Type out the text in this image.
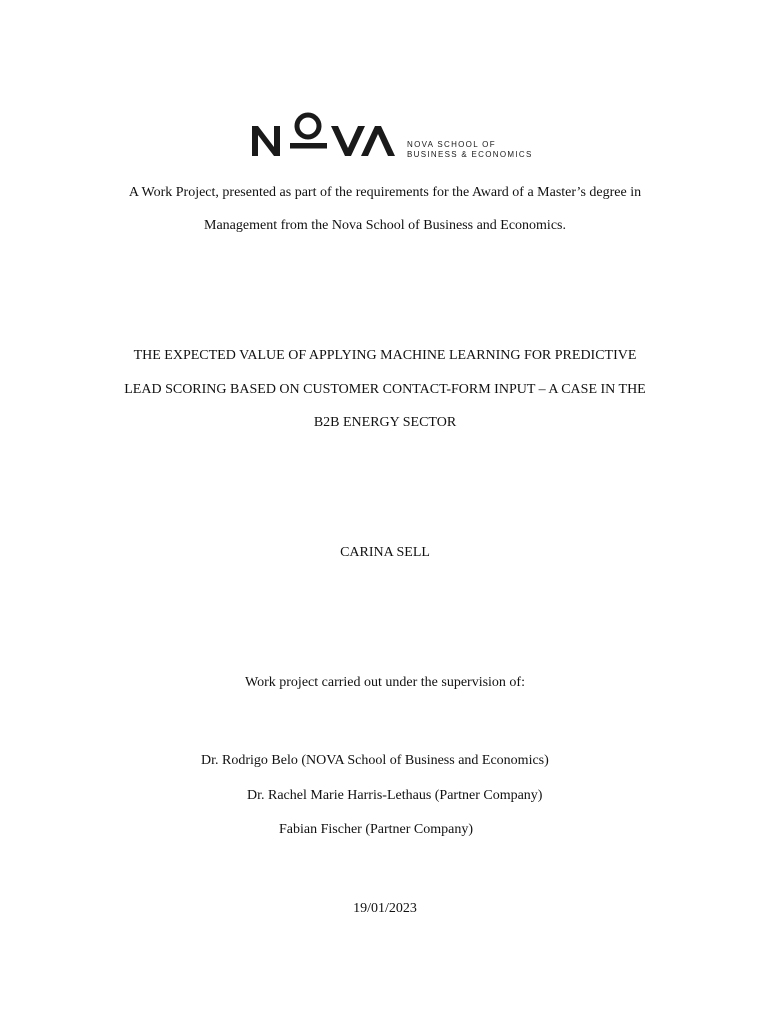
NOVA SCHOOL OF
BUSINESS & ECONOMICS
A Work Project, presented as part of the requirements for the Award of a Master’s degree in
Management from the Nova School of Business and Economics.
THE EXPECTED VALUE OF APPLYING MACHINE LEARNING FOR PREDICTIVE
LEAD SCORING BASED ON CUSTOMER CONTACT-FORM INPUT – A CASE IN THE
B2B ENERGY SECTOR
CARINA SELL
Work project carried out under the supervision of:
Dr. Rodrigo Belo (NOVA School of Business and Economics)
Dr. Rachel Marie Harris-Lethaus (Partner Company)
Fabian Fischer (Partner Company)
19/01/2023
